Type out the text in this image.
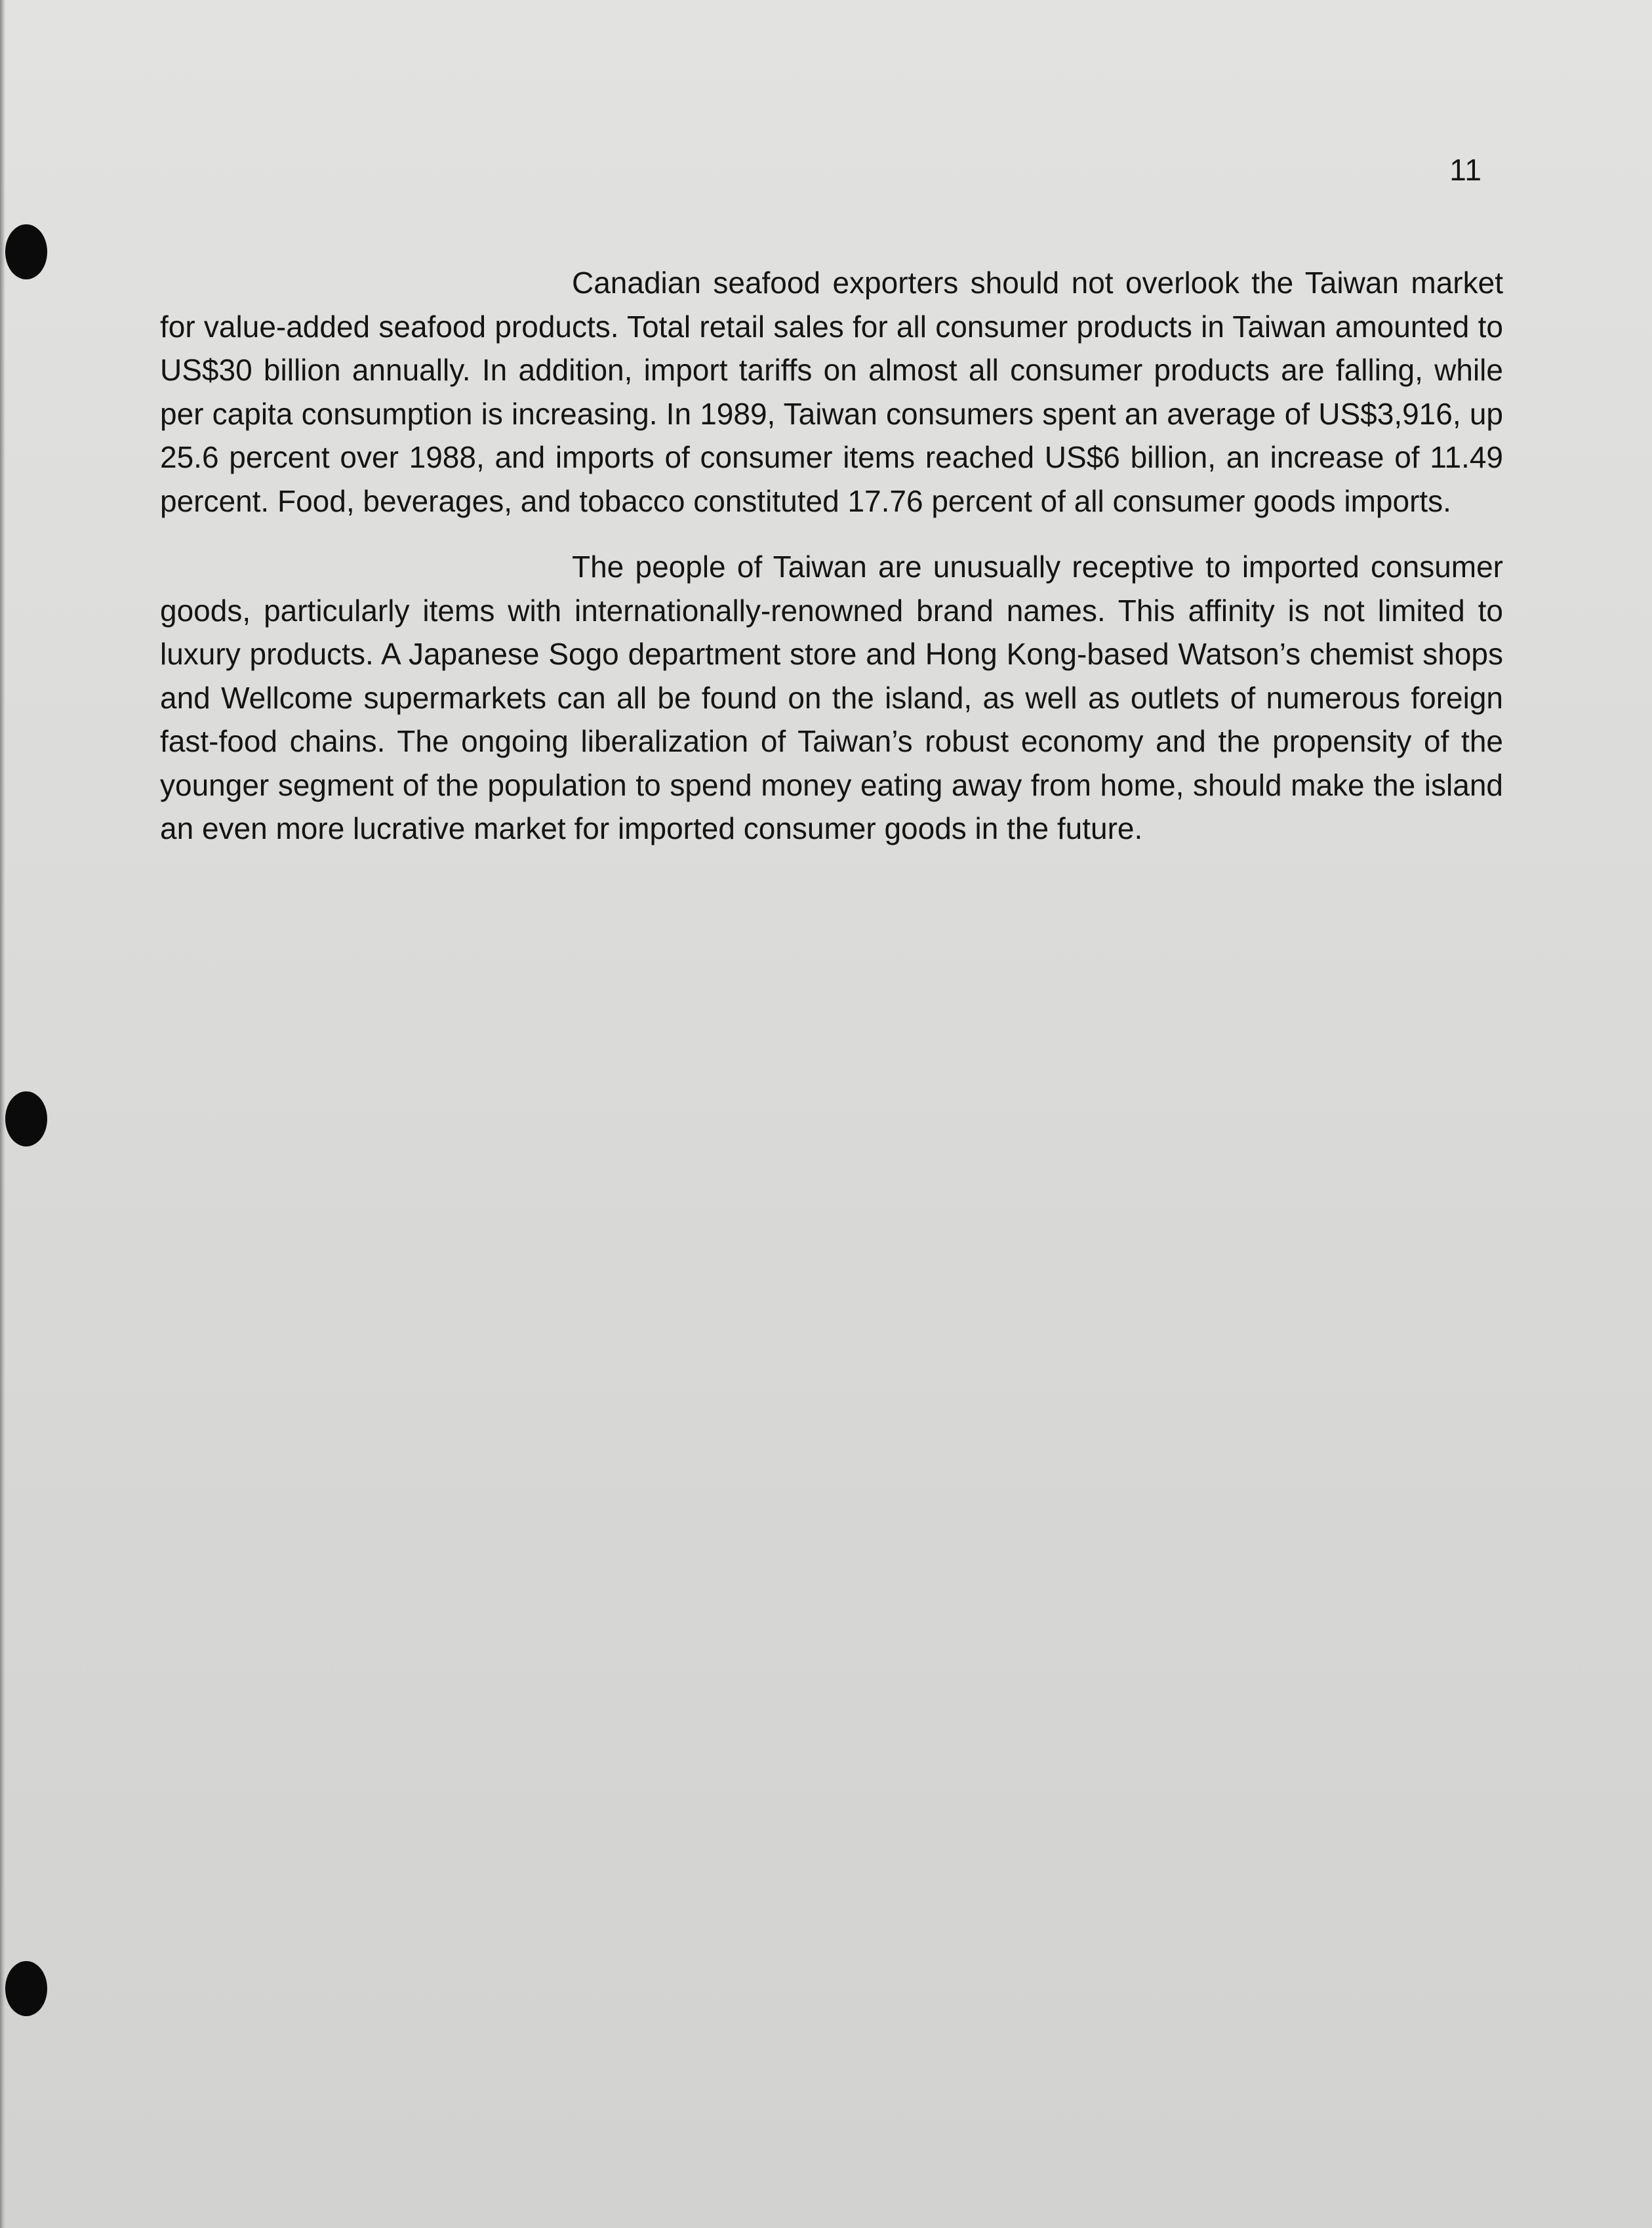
11

Canadian seafood exporters should not overlook the Taiwan market for value-added seafood products. Total retail sales for all consumer products in Taiwan amounted to US$30 billion annually. In addition, import tariffs on almost all consumer products are falling, while per capita consumption is increasing. In 1989, Taiwan consumers spent an average of US$3,916, up 25.6 percent over 1988, and imports of consumer items reached US$6 billion, an increase of 11.49 percent. Food, beverages, and tobacco constituted 17.76 percent of all consumer goods imports.

The people of Taiwan are unusually receptive to imported consumer goods, particularly items with internationally-renowned brand names. This affinity is not limited to luxury products. A Japanese Sogo department store and Hong Kong-based Watson’s chemist shops and Wellcome supermarkets can all be found on the island, as well as outlets of numerous foreign fast-food chains. The ongoing liberalization of Taiwan’s robust economy and the propensity of the younger segment of the population to spend money eating away from home, should make the island an even more lucrative market for imported consumer goods in the future.
